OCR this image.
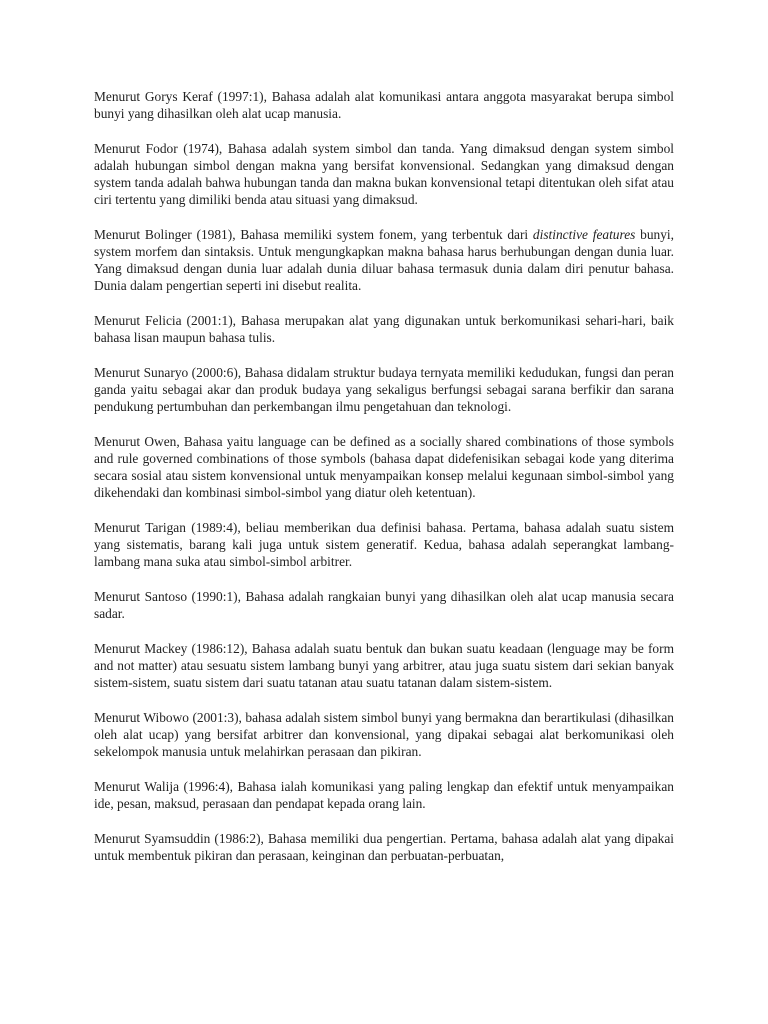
Menurut Gorys Keraf (1997:1), Bahasa adalah alat komunikasi antara anggota masyarakat berupa simbol bunyi yang dihasilkan oleh alat ucap manusia.

Menurut Fodor (1974), Bahasa adalah system simbol dan tanda. Yang dimaksud dengan system simbol adalah hubungan simbol dengan makna yang bersifat konvensional. Sedangkan yang dimaksud dengan system tanda adalah bahwa hubungan tanda dan makna bukan konvensional tetapi ditentukan oleh sifat atau ciri tertentu yang dimiliki benda atau situasi yang dimaksud.

Menurut Bolinger (1981), Bahasa memiliki system fonem, yang terbentuk dari distinctive features bunyi, system morfem dan sintaksis. Untuk mengungkapkan makna bahasa harus berhubungan dengan dunia luar. Yang dimaksud dengan dunia luar adalah dunia diluar bahasa termasuk dunia dalam diri penutur bahasa. Dunia dalam pengertian seperti ini disebut realita.

Menurut Felicia (2001:1), Bahasa merupakan alat yang digunakan untuk berkomunikasi sehari-hari, baik bahasa lisan maupun bahasa tulis.

Menurut Sunaryo (2000:6), Bahasa didalam struktur budaya ternyata memiliki kedudukan, fungsi dan peran ganda yaitu sebagai akar dan produk budaya yang sekaligus berfungsi sebagai sarana berfikir dan sarana pendukung pertumbuhan dan perkembangan ilmu pengetahuan dan teknologi.

Menurut Owen, Bahasa yaitu language can be defined as a socially shared combinations of those symbols and rule governed combinations of those symbols (bahasa dapat didefenisikan sebagai kode yang diterima secara sosial atau sistem konvensional untuk menyampaikan konsep melalui kegunaan simbol-simbol yang dikehendaki dan kombinasi simbol-simbol yang diatur oleh ketentuan).

Menurut Tarigan (1989:4), beliau memberikan dua definisi bahasa. Pertama, bahasa adalah suatu sistem yang sistematis, barang kali juga untuk sistem generatif. Kedua, bahasa adalah seperangkat lambang-lambang mana suka atau simbol-simbol arbitrer.

Menurut Santoso (1990:1), Bahasa adalah rangkaian bunyi yang dihasilkan oleh alat ucap manusia secara sadar.

Menurut Mackey (1986:12), Bahasa adalah suatu bentuk dan bukan suatu keadaan (lenguage may be form and not matter) atau sesuatu sistem lambang bunyi yang arbitrer, atau juga suatu sistem dari sekian banyak sistem-sistem, suatu sistem dari suatu tatanan atau suatu tatanan dalam sistem-sistem.

Menurut Wibowo (2001:3), bahasa adalah sistem simbol bunyi yang bermakna dan berartikulasi (dihasilkan oleh alat ucap) yang bersifat arbitrer dan konvensional, yang dipakai sebagai alat berkomunikasi oleh sekelompok manusia untuk melahirkan perasaan dan pikiran.

Menurut Walija (1996:4), Bahasa ialah komunikasi yang paling lengkap dan efektif untuk menyampaikan ide, pesan, maksud, perasaan dan pendapat kepada orang lain.

Menurut Syamsuddin (1986:2), Bahasa memiliki dua pengertian. Pertama, bahasa adalah alat yang dipakai untuk membentuk pikiran dan perasaan, keinginan dan perbuatan-perbuatan,
